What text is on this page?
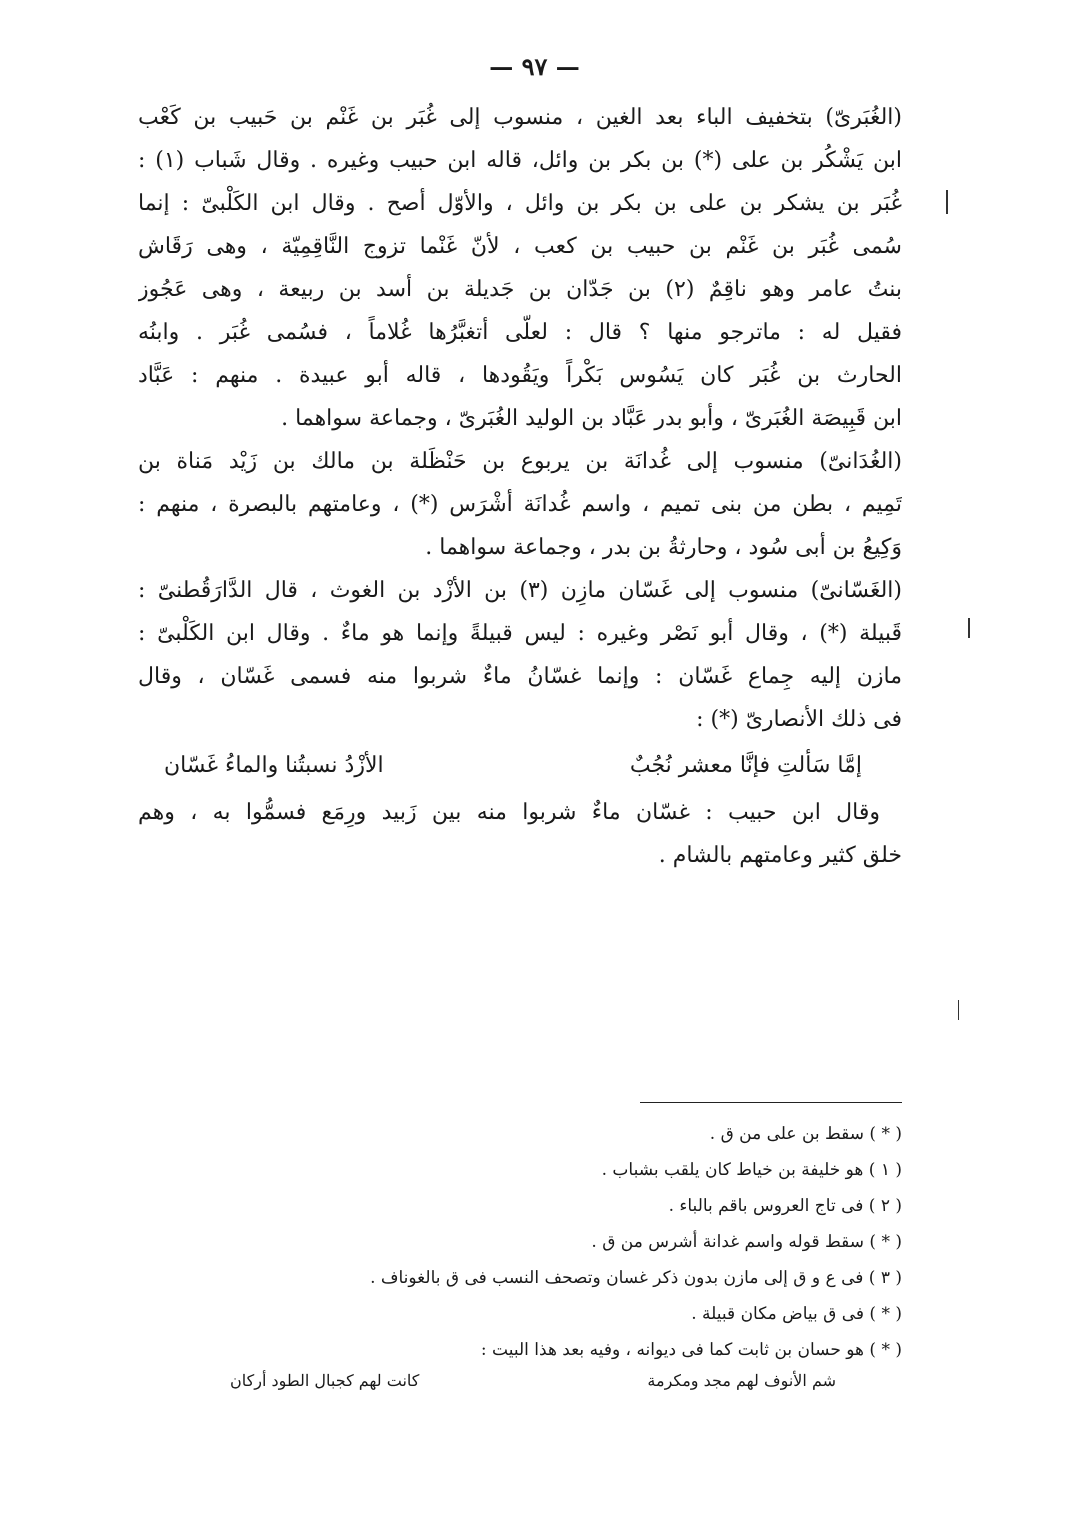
— ٩٧ —
(الغُبَرىّ) بتخفيف الباء بعد الغين ، منسوب إلى غُبَر بن غَنْم بن حَبيب بن كَعْب
ابن يَشْكُر بن على (*) بن بكر بن وائل، قاله ابن حبيب وغيره . وقال شَباب (١) :
غُبَر بن يشكر بن على بن بكر بن وائل ، والأوّل أصح . وقال ابن الكَلْبىّ : إنما
سُمى غُبَر بن غَنْم بن حبيب بن كعب ، لأنّ غَنْما تزوج النَّاقِمِيّة ، وهى رَقَاش
بنتُ عامر وهو ناقِمٌ (٢) بن جَدّان بن جَديلة بن أسد بن ربيعة ، وهى عَجُوز
فقيل له : ماترجو منها ؟ قال : لعلّى أتغبَّرُها غُلاماً ، فسُمى غُبَر . وابنُه
الحارث بن غُبَر كان يَسُوس بَكْراً ويَقُودها ، قاله أبو عبيدة . منهم : عَبَّاد
ابن قَبِيصَة الغُبَرىّ ، وأبو بدر عَبَّاد بن الوليد الغُبَرىّ ، وجماعة سواهما .
(الغُدَانىّ) منسوب إلى غُدانَة بن يربوع بن حَنْظَلة بن مالك بن زَيْد مَناة بن
تَمِيم ، بطن من بنى تميم ، واسم غُدانَة أشْرَس (*) ، وعامتهم بالبصرة ، منهم :
وَكِيعُ بن أبى سُود ، وحارثةُ بن بدر ، وجماعة سواهما .
(الغَسّانىّ) منسوب إلى غَسّان مازِن (٣) بن الأزْد بن الغوث ، قال الدَّارَقُطنىّ :
قَبيلة (*) ، وقال أبو نَصْر وغيره : ليس قبيلةً وإنما هو ماءٌ . وقال ابن الكَلْبىّ :
مازن إليه جِماع غَسّان : وإنما غسّانُ ماءٌ شربوا منه فسمى غَسّان ، وقال
فى ذلك الأنصارىّ (*) :
إمَّا سَألتِ فإنَّا معشر نُجُبٌ
الأزْدُ نسبتُنا والماءُ غَسّان
وقال ابن حبيب : غسّان ماءٌ شربوا منه بين زَبيد ورِمَع فسمُّوا به ، وهم
خلق كثير وعامتهم بالشام .
( * ) سقط بن على من ق .
( ١ ) هو خليفة بن خياط كان يلقب بشباب .
( ٢ ) فى تاج العروس باقم بالباء .
( * ) سقط قوله واسم غدانة أشرس من ق .
( ٣ ) فى ع و ق إلى مازن بدون ذكر غسان وتصحف النسب فى ق بالغوناف .
( * ) فى ق بياض مكان قبيلة .
( * ) هو حسان بن ثابت كما فى ديوانه ، وفيه بعد هذا البيت :
شم الأنوف لهم مجد ومكرمة
كانت لهم كجبال الطود أركان
